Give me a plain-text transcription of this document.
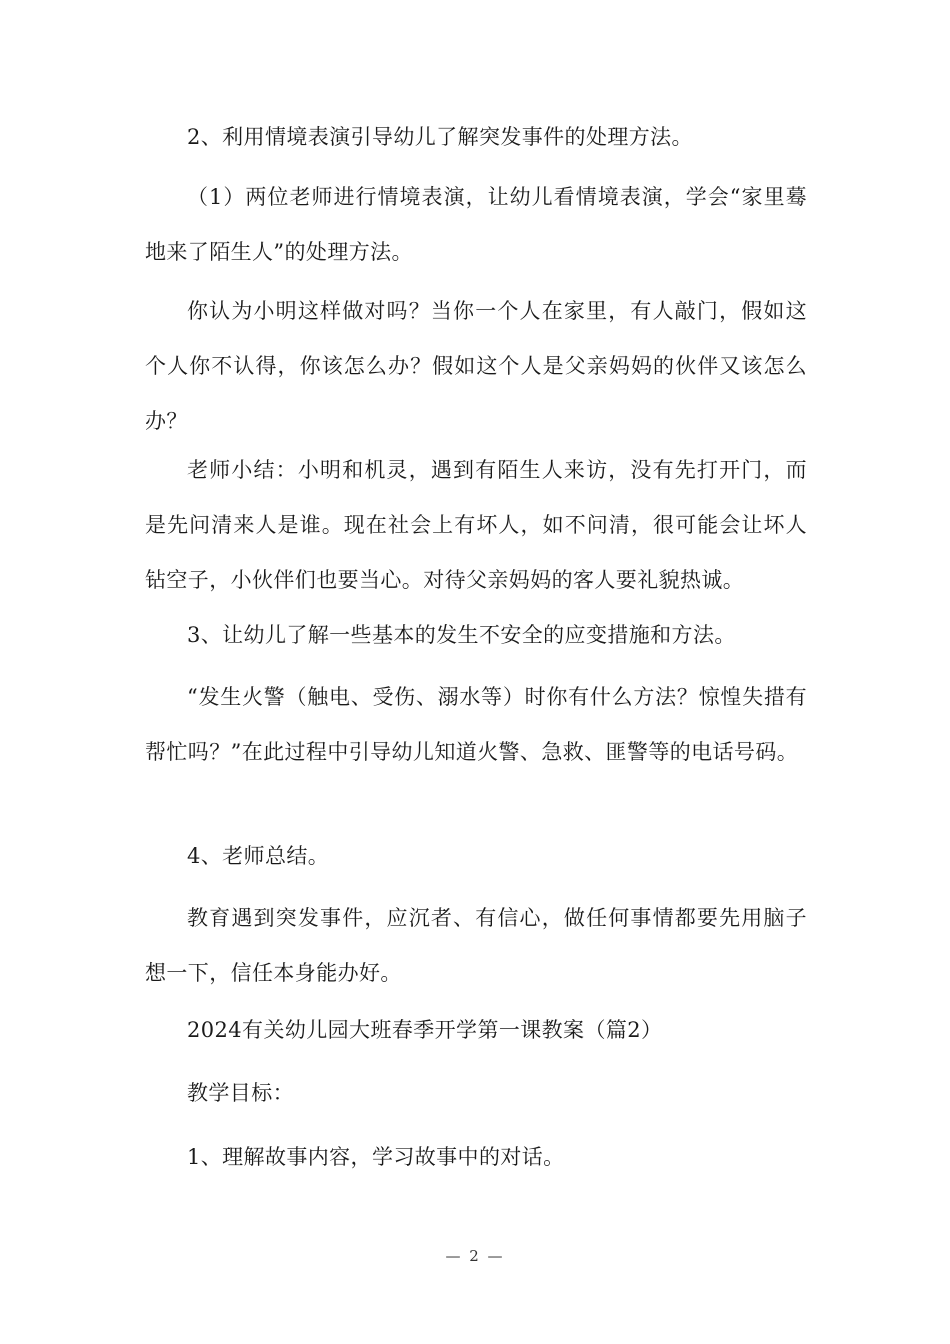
2、利用情境表演引导幼儿了解突发事件的处理方法。

（1）两位老师进行情境表演，让幼儿看情境表演，学会“家里蓦地来了陌生人”的处理方法。

你认为小明这样做对吗？当你一个人在家里，有人敲门，假如这个人你不认得，你该怎么办？假如这个人是父亲妈妈的伙伴又该怎么办？

老师小结：小明和机灵，遇到有陌生人来访，没有先打开门，而是先问清来人是谁。现在社会上有坏人，如不问清，很可能会让坏人钻空子，小伙伴们也要当心。对待父亲妈妈的客人要礼貌热诚。

3、让幼儿了解一些基本的发生不安全的应变措施和方法。

“发生火警（触电、受伤、溺水等）时你有什么方法？惊惶失措有帮忙吗？”在此过程中引导幼儿知道火警、急救、匪警等的电话号码。

4、老师总结。

教育遇到突发事件，应沉者、有信心，做任何事情都要先用脑子想一下，信任本身能办好。

2024有关幼儿园大班春季开学第一课教案（篇2）

教学目标：

1、理解故事内容，学习故事中的对话。

— 2 —
